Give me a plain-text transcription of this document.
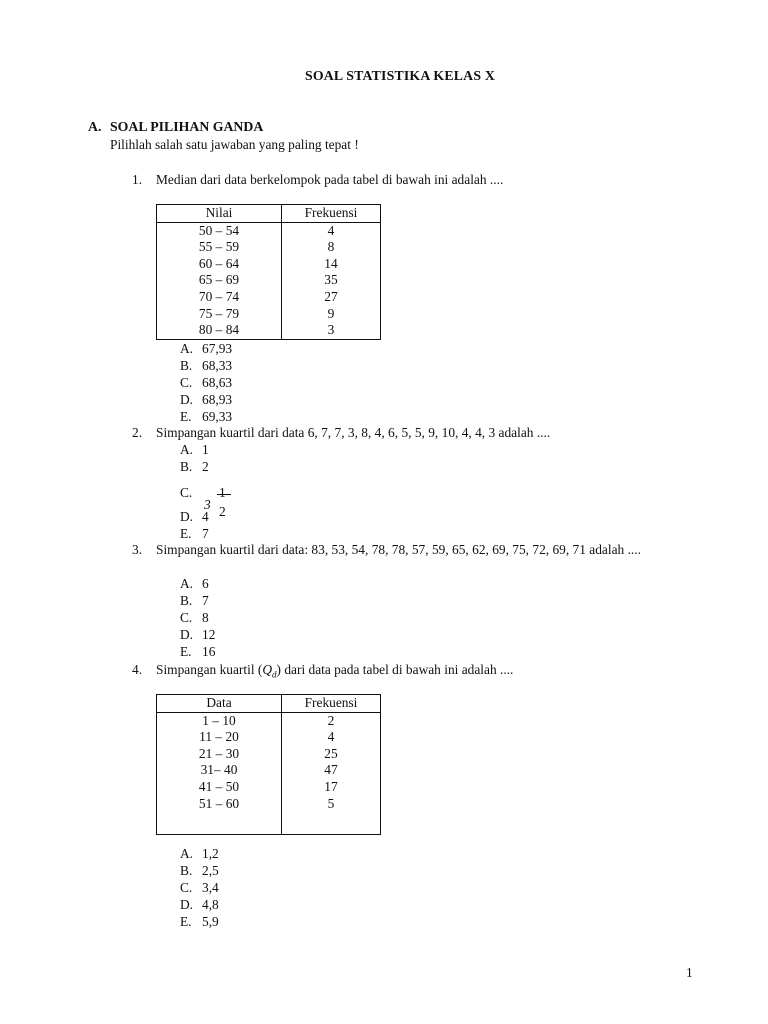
SOAL STATISTIKA KELAS X
A. SOAL PILIHAN GANDA
Pilihlah salah satu jawaban yang paling tepat !
1. Median dari data berkelompok pada tabel di bawah ini adalah ....
Nilai	Frekuensi
50 – 54	4
55 – 59	8
60 – 64	14
65 – 69	35
70 – 74	27
75 – 79	9
80 – 84	3
A. 67,93
B. 68,33
C. 68,63
D. 68,93
E. 69,33
2. Simpangan kuartil dari data 6, 7, 7, 3, 8, 4, 6, 5, 5, 9, 10, 4, 4, 3 adalah ....
A. 1
B. 2
C.
3
1
2
D. 4
E. 7
3. Simpangan kuartil dari data: 83, 53, 54, 78, 78, 57, 59, 65, 62, 69, 75, 72, 69, 71 adalah ....
A. 6
B. 7
C. 8
D. 12
E. 16
4. Simpangan kuartil $(Q_d)$ dari data pada tabel di bawah ini adalah ....
Data	Frekuensi
1 – 10	2
11 – 20	4
21 – 30	25
31– 40	47
41 – 50	17
51 – 60	5

A. 1,2
B. 2,5
C. 3,4
D. 4,8
E. 5,9
1
